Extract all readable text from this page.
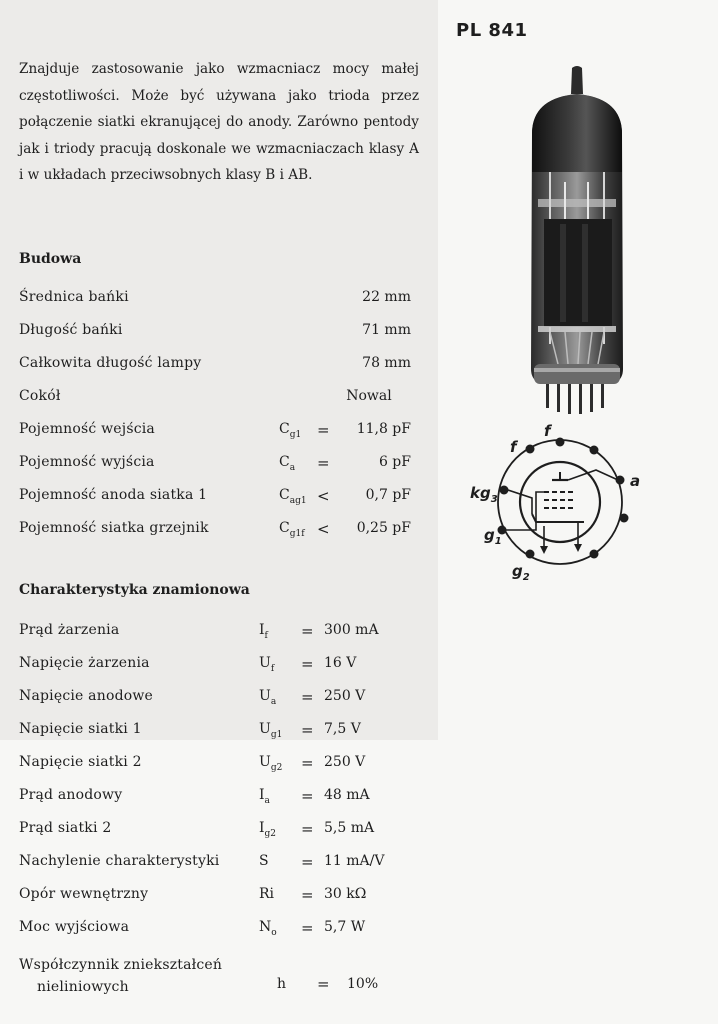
PL 841
Znajduje zastosowanie jako wzmacniacz mocy małej częstotliwości. Może być używana jako trioda przez połączenie siatki ekranującej do anody. Zarówno pentody jak i triody pracują doskonale we wzmacniaczach klasy A i w układach przeciwsobnych klasy B i AB.
Budowa
Średnica bańki	22 mm
Długość bańki	71 mm
Całkowita długość lampy	78 mm
Cokół	Nowal
Pojemność wejścia	$C_{g1}$ =	11,8 pF
Pojemność wyjścia	$C_a$ =	6 pF
Pojemność anoda siatka 1	$C_{ag1}$ <	0,7 pF
Pojemność siatka grzejnik	$C_{g1f}$ <	0,25 pF
Charakterystyka znamionowa
Prąd żarzenia	$I_f = 300$ mA
Napięcie żarzenia	$U_f = 16$ V
Napięcie anodowe	$U_a = 250$ V
Napięcie siatki 1	$U_{g1} = 7,5$ V
Napięcie siatki 2	$U_{g2} = 250$ V
Prąd anodowy	$I_a = 48$ mA
Prąd siatki 2	$I_{g2} = 5,5$ mA
Nachylenie charakterystyki	S = 11 mA/V
Opór wewnętrzny	Ri = 30 kΩ
Moc wyjściowa	$N_o = 5,7$ W
Współczynnik zniekształceń
nieliniowych	h = 10%
f
f
a
$kg_3$
$g_1$
$g_2$
